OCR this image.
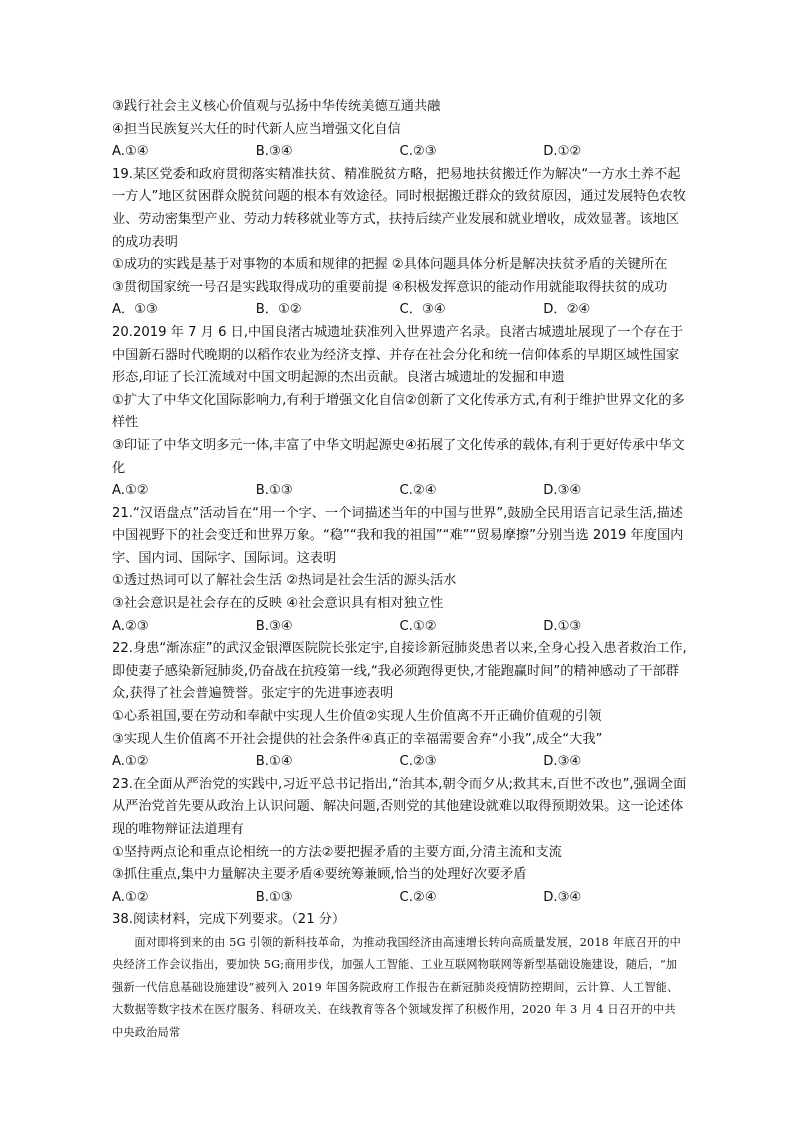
③践行社会主义核心价值观与弘扬中华传统美德互通共融
④担当民族复兴大任的时代新人应当增强文化自信
A.①④	B.③④	C.②③	D.①②
19.某区党委和政府贯彻落实精准扶贫、精准脱贫方略，把易地扶贫搬迁作为解决“一方水土养不起一方人”地区贫困群众脱贫问题的根本有效途径。同时根据搬迁群众的致贫原因，通过发展特色农牧业、劳动密集型产业、劳动力转移就业等方式，扶持后续产业发展和就业增收，成效显著。该地区的成功表明
①成功的实践是基于对事物的本质和规律的把握 ②具体问题具体分析是解决扶贫矛盾的关键所在
③贯彻国家统一号召是实践取得成功的重要前提 ④积极发挥意识的能动作用就能取得扶贫的成功
A．①③	B．①②	C．③④	D．②④
20.2019 年 7 月 6 日,中国良渚古城遗址获准列入世界遗产名录。良渚古城遗址展现了一个存在于中国新石器时代晚期的以稻作农业为经济支撑、并存在社会分化和统一信仰体系的早期区域性国家形态,印证了长江流域对中国文明起源的杰出贡献。良渚古城遗址的发掘和申遗
①扩大了中华文化国际影响力,有利于增强文化自信②创新了文化传承方式,有利于维护世界文化的多样性
③印证了中华文明多元一体,丰富了中华文明起源史④拓展了文化传承的载体,有利于更好传承中华文化
A.①②	B.①③	C.②④	D.③④
21.“汉语盘点”活动旨在“用一个字、一个词描述当年的中国与世界”,鼓励全民用语言记录生活,描述中国视野下的社会变迁和世界万象。“稳”“我和我的祖国”“难”“贸易摩擦”分别当选 2019 年度国内字、国内词、国际字、国际词。这表明
①透过热词可以了解社会生活 ②热词是社会生活的源头活水
③社会意识是社会存在的反映 ④社会意识具有相对独立性
A.②③	B.③④	C.①②	D.①③
22.身患“渐冻症”的武汉金银潭医院院长张定宇,自接诊新冠肺炎患者以来,全身心投入患者救治工作,即使妻子感染新冠肺炎,仍奋战在抗疫第一线,“我必须跑得更快,才能跑赢时间”的精神感动了干部群众,获得了社会普遍赞誉。张定宇的先进事迹表明
①心系祖国,要在劳动和奉献中实现人生价值②实现人生价值离不开正确价值观的引领
③实现人生价值离不开社会提供的社会条件④真正的幸福需要舍弃“小我”,成全“大我”
A.①②	B.①④	C.②③	D.③④
23.在全面从严治党的实践中,习近平总书记指出,“治其本,朝令而夕从;救其末,百世不改也”,强调全面从严治党首先要从政治上认识问题、解决问题,否则党的其他建设就难以取得预期效果。这一论述体现的唯物辩证法道理有
①坚持两点论和重点论相统一的方法②要把握矛盾的主要方面,分清主流和支流
③抓住重点,集中力量解决主要矛盾④要统筹兼顾,恰当的处理好次要矛盾
A.①②	B.①③	C.②④	D.③④
38.阅读材料，完成下列要求。（21 分）
面对即将到来的由 5G 引领的新科技革命，为推动我国经济由高速增长转向高质量发展，2018 年底召开的中央经济工作会议指出，要加快 5G;商用步伐，加强人工智能、工业互联网物联网等新型基础设施建设，随后，“加强新一代信息基础设施建设”被列入 2019 年国务院政府工作报告在新冠肺炎疫情防控期间，云计算、人工智能、大数据等数字技术在医疗服务、科研攻关、在线教育等各个领域发挥了积极作用，2020 年 3 月 4 日召开的中共中央政治局常
